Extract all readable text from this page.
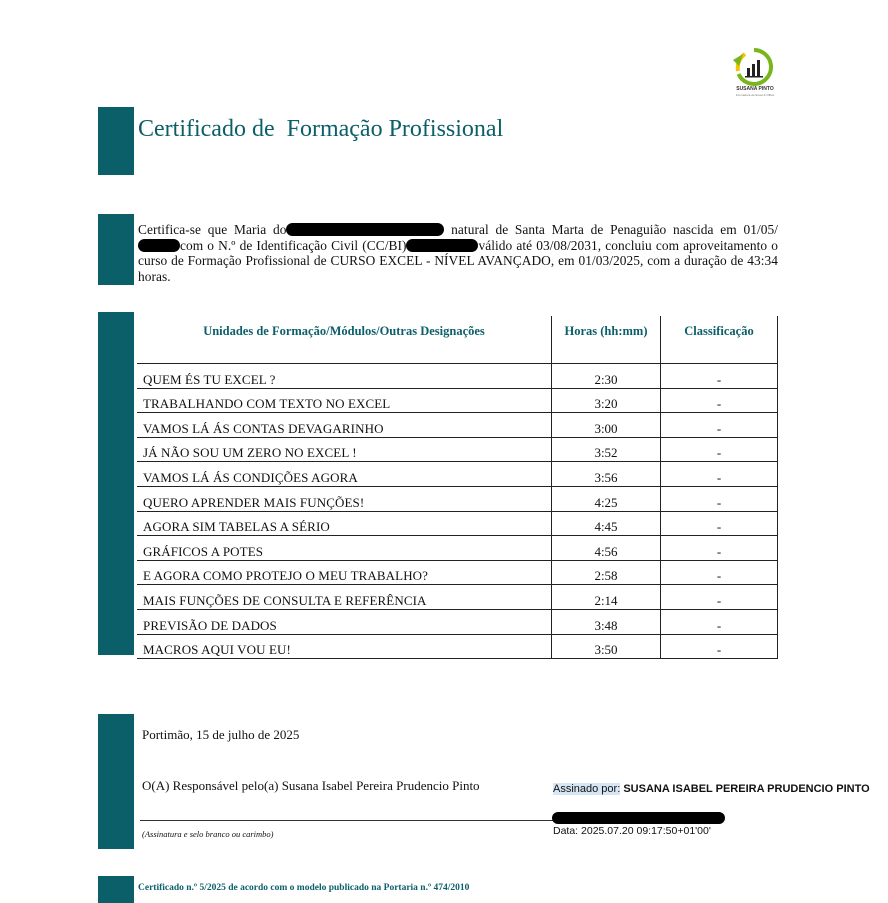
SUSANA PINTO
Formadora de Excel & Office
Certificado de  Formação Profissional
Certifica-se que Maria do	natural de Santa Marta de Penaguião nascida em 01/05/com o N.º de Identificação Civil (CC/BI)	válido até 03/08/2031, concluiu com aproveitamento o curso de Formação Profissional de CURSO EXCEL - NÍVEL AVANÇADO, em 01/03/2025, com a duração de 43:34 horas.
Unidades de Formação/Módulos/Outras Designações	Horas (hh:mm)	Classificação
QUEM ÉS TU EXCEL ?	2:30	-
TRABALHANDO COM TEXTO NO EXCEL	3:20	-
VAMOS LÁ ÁS CONTAS DEVAGARINHO	3:00	-
JÁ NÃO SOU UM ZERO NO EXCEL !	3:52	-
VAMOS LÁ ÁS CONDIÇÕES AGORA	3:56	-
QUERO APRENDER MAIS FUNÇÕES!	4:25	-
AGORA SIM TABELAS A SÉRIO	4:45	-
GRÁFICOS A POTES	4:56	-
E AGORA COMO PROTEJO O MEU TRABALHO?	2:58	-
MAIS FUNÇÕES DE CONSULTA E REFERÊNCIA	2:14	-
PREVISÃO DE DADOS	3:48	-
MACROS AQUI VOU EU!	3:50	-
Portimão, 15 de julho de 2025
O(A) Responsável pelo(a) Susana Isabel Pereira Prudencio Pinto
(Assinatura e selo branco ou carimbo)
Assinado por: SUSANA ISABEL PEREIRA PRUDENCIO PINTO
Data: 2025.07.20 09:17:50+01'00'
Certificado n.º 5/2025 de acordo com o modelo publicado na Portaria n.º 474/2010
